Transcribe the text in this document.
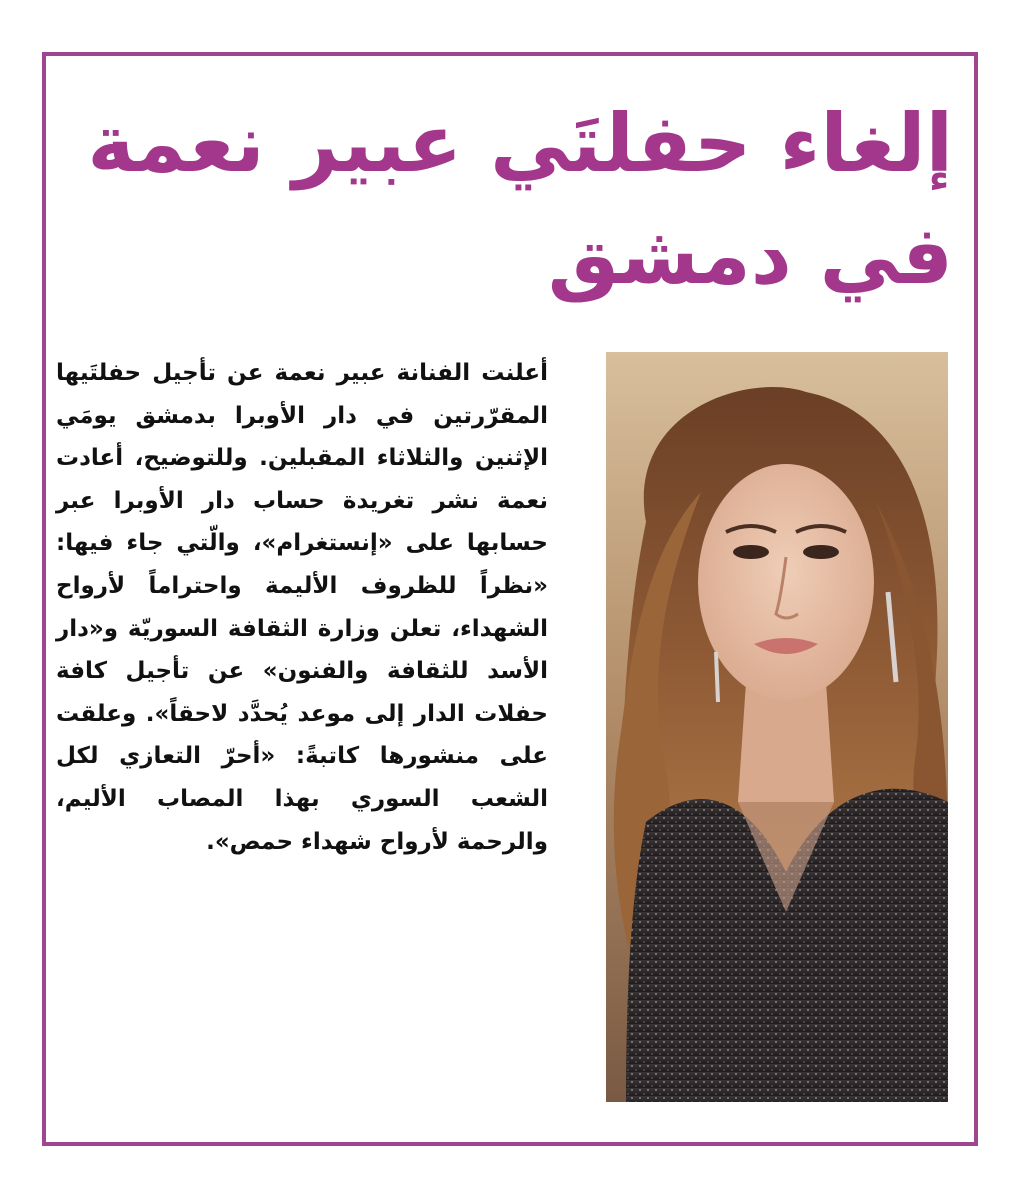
إلغاء حفلتَي عبير نعمة
في دمشق

أعلنت الفنانة عبير نعمة عن تأجيل حفلتَيها المقرّرتين في دار الأوبرا بدمشق يومَي الإثنين والثلاثاء المقبلين. وللتوضيح، أعادت نعمة نشر تغريدة حساب دار الأوبرا عبر حسابها على «إنستغرام»، والّتي جاء فيها: «نظراً للظروف الأليمة واحتراماً لأرواح الشهداء، تعلن وزارة الثقافة السوريّة و«دار الأسد للثقافة والفنون» عن تأجيل كافة حفلات الدار إلى موعد يُحدَّد لاحقاً». وعلقت على منشورها كاتبةً: «أحرّ التعازي لكل الشعب السوري بهذا المصاب الأليم، والرحمة لأرواح شهداء حمص».
